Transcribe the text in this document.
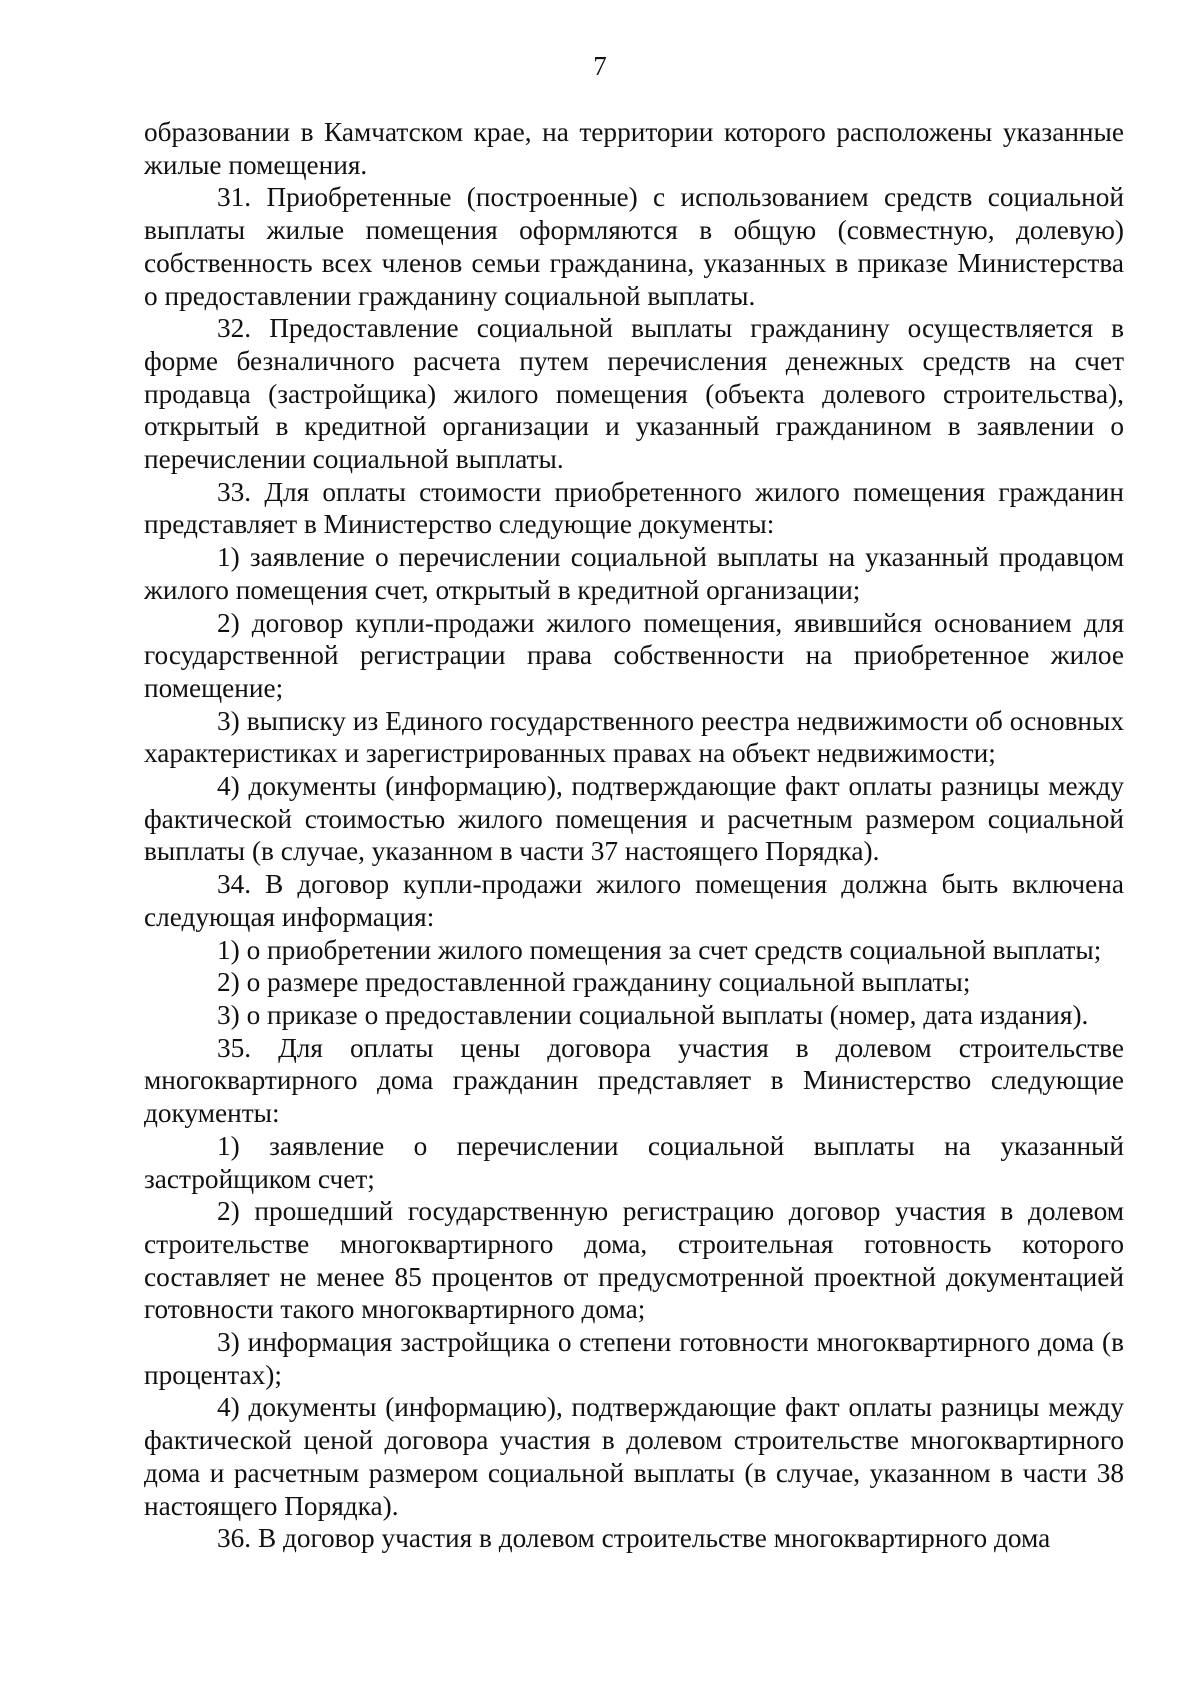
7

образовании в Камчатском крае, на территории которого расположены указанные жилые помещения.

31. Приобретенные (построенные) с использованием средств социальной выплаты жилые помещения оформляются в общую (совместную, долевую) собственность всех членов семьи гражданина, указанных в приказе Министерства о предоставлении гражданину социальной выплаты.

32. Предоставление социальной выплаты гражданину осуществляется в форме безналичного расчета путем перечисления денежных средств на счет продавца (застройщика) жилого помещения (объекта долевого строительства), открытый в кредитной организации и указанный гражданином в заявлении о перечислении социальной выплаты.

33. Для оплаты стоимости приобретенного жилого помещения гражданин представляет в Министерство следующие документы:

1) заявление о перечислении социальной выплаты на указанный продавцом жилого помещения счет, открытый в кредитной организации;

2) договор купли-продажи жилого помещения, явившийся основанием для государственной регистрации права собственности на приобретенное жилое помещение;

3) выписку из Единого государственного реестра недвижимости об основных характеристиках и зарегистрированных правах на объект недвижимости;

4) документы (информацию), подтверждающие факт оплаты разницы между фактической стоимостью жилого помещения и расчетным размером социальной выплаты (в случае, указанном в части 37 настоящего Порядка).

34. В договор купли-продажи жилого помещения должна быть включена следующая информация:

1) о приобретении жилого помещения за счет средств социальной выплаты;

2) о размере предоставленной гражданину социальной выплаты;

3) о приказе о предоставлении социальной выплаты (номер, дата издания).

35. Для оплаты цены договора участия в долевом строительстве многоквартирного дома гражданин представляет в Министерство следующие документы:

1) заявление о перечислении социальной выплаты на указанный застройщиком счет;

2) прошедший государственную регистрацию договор участия в долевом строительстве многоквартирного дома, строительная готовность которого составляет не менее 85 процентов от предусмотренной проектной документацией готовности такого многоквартирного дома;

3) информация застройщика о степени готовности многоквартирного дома (в процентах);

4) документы (информацию), подтверждающие факт оплаты разницы между фактической ценой договора участия в долевом строительстве многоквартирного дома и расчетным размером социальной выплаты (в случае, указанном в части 38 настоящего Порядка).

36. В договор участия в долевом строительстве многоквартирного дома
